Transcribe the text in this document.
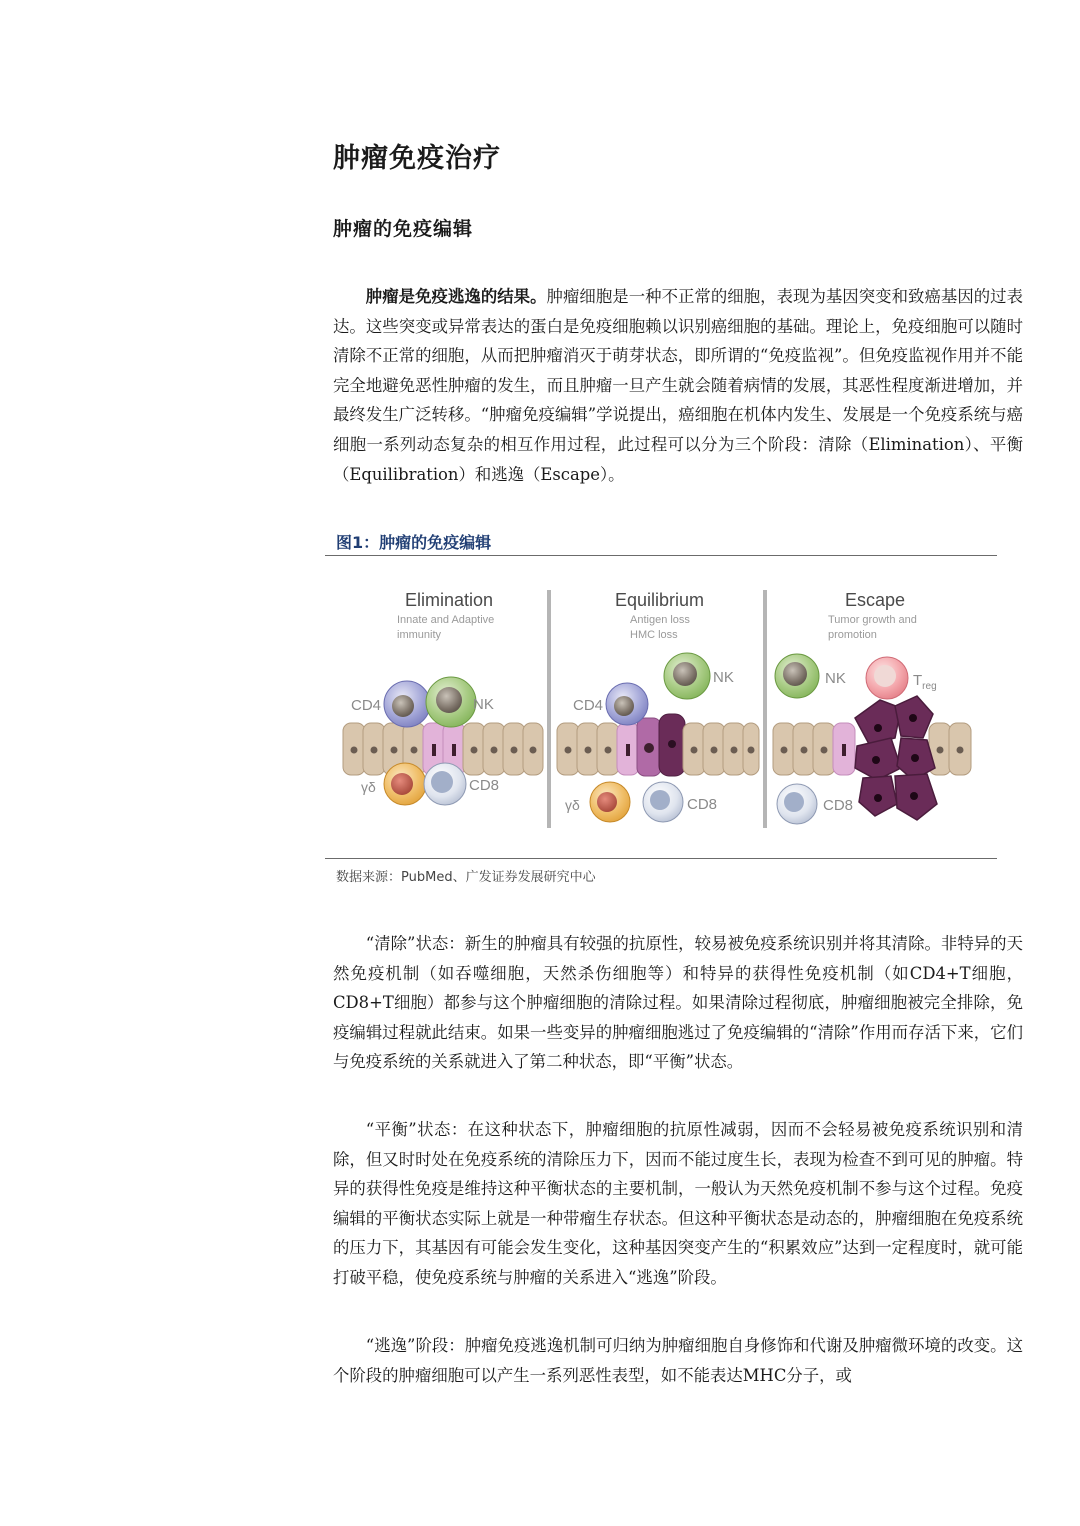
肿瘤免疫治疗
肿瘤的免疫编辑

肿瘤是免疫逃逸的结果。肿瘤细胞是一种不正常的细胞，表现为基因突变和致癌基因的过表达。这些突变或异常表达的蛋白是免疫细胞赖以识别癌细胞的基础。理论上，免疫细胞可以随时清除不正常的细胞，从而把肿瘤消灭于萌芽状态，即所谓的“免疫监视”。但免疫监视作用并不能完全地避免恶性肿瘤的发生，而且肿瘤一旦产生就会随着病情的发展，其恶性程度渐进增加，并最终发生广泛转移。“肿瘤免疫编辑”学说提出，癌细胞在机体内发生、发展是一个免疫系统与癌细胞一系列动态复杂的相互作用过程，此过程可以分为三个阶段：清除（Elimination）、平衡（Equilibration）和逃逸（Escape）。

图1：肿瘤的免疫编辑
Elimination
Innate and Adaptive
immunity
CD4	NK
γδ	CD8
Equilibrium
Antigen loss
HMC loss
CD4
NK
γδ	CD8
Escape
Tumor growth and
promotion
NK	$T_{reg}$
CD8
数据来源：PubMed、广发证券发展研究中心

“清除”状态：新生的肿瘤具有较强的抗原性，较易被免疫系统识别并将其清除。非特异的天然免疫机制（如吞噬细胞，天然杀伤细胞等）和特异的获得性免疫机制（如CD4+T细胞，CD8+T细胞）都参与这个肿瘤细胞的清除过程。如果清除过程彻底，肿瘤细胞被完全排除，免疫编辑过程就此结束。如果一些变异的肿瘤细胞逃过了免疫编辑的“清除”作用而存活下来，它们与免疫系统的关系就进入了第二种状态，即“平衡”状态。

“平衡”状态：在这种状态下，肿瘤细胞的抗原性减弱，因而不会轻易被免疫系统识别和清除，但又时时处在免疫系统的清除压力下，因而不能过度生长，表现为检查不到可见的肿瘤。特异的获得性免疫是维持这种平衡状态的主要机制，一般认为天然免疫机制不参与这个过程。免疫编辑的平衡状态实际上就是一种带瘤生存状态。但这种平衡状态是动态的，肿瘤细胞在免疫系统的压力下，其基因有可能会发生变化，这种基因突变产生的“积累效应”达到一定程度时，就可能打破平稳，使免疫系统与肿瘤的关系进入“逃逸”阶段。

“逃逸”阶段：肿瘤免疫逃逸机制可归纳为肿瘤细胞自身修饰和代谢及肿瘤微环境的改变。这个阶段的肿瘤细胞可以产生一系列恶性表型，如不能表达MHC分子，或
